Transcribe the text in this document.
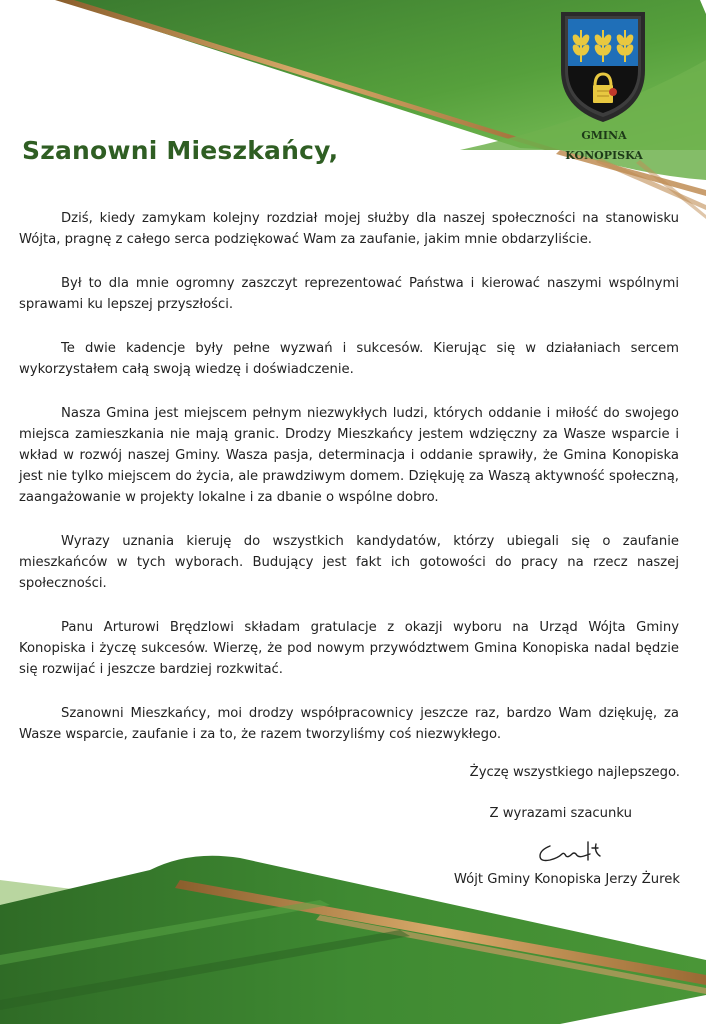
GMINA
KONOPISKA
Szanowni Mieszkańcy,

Dziś, kiedy zamykam kolejny rozdział mojej służby dla naszej społeczności na stanowisku Wójta, pragnę z całego serca podziękować Wam za zaufanie, jakim mnie obdarzyliście.

Był to dla mnie ogromny zaszczyt reprezentować Państwa i kierować naszymi wspólnymi sprawami ku lepszej przyszłości.

Te dwie kadencje były pełne wyzwań i sukcesów. Kierując się w działaniach sercem wykorzystałem całą swoją wiedzę i doświadczenie.

Nasza Gmina jest miejscem pełnym niezwykłych ludzi, których oddanie i miłość do swojego miejsca zamieszkania nie mają granic. Drodzy Mieszkańcy jestem wdzięczny za Wasze wsparcie i wkład w rozwój naszej Gminy. Wasza pasja, determinacja i oddanie sprawiły, że Gmina Konopiska jest nie tylko miejscem do życia, ale prawdziwym domem. Dziękuję za Waszą aktywność społeczną, zaangażowanie w projekty lokalne i za dbanie o wspólne dobro.

Wyrazy uznania kieruję do wszystkich kandydatów, którzy ubiegali się o zaufanie mieszkańców w tych wyborach. Budujący jest fakt ich gotowości do pracy na rzecz naszej społeczności.

Panu Arturowi Brędzlowi składam gratulacje z okazji wyboru na Urząd Wójta Gminy Konopiska i życzę sukcesów. Wierzę, że pod nowym przywództwem Gmina Konopiska nadal będzie się rozwijać i jeszcze bardziej rozkwitać.

Szanowni Mieszkańcy, moi drodzy współpracownicy jeszcze raz, bardzo Wam dziękuję, za Wasze wsparcie, zaufanie i za to, że razem tworzyliśmy coś niezwykłego.

Życzę wszystkiego najlepszego.

Z wyrazami szacunku

Wójt Gminy Konopiska Jerzy Żurek
